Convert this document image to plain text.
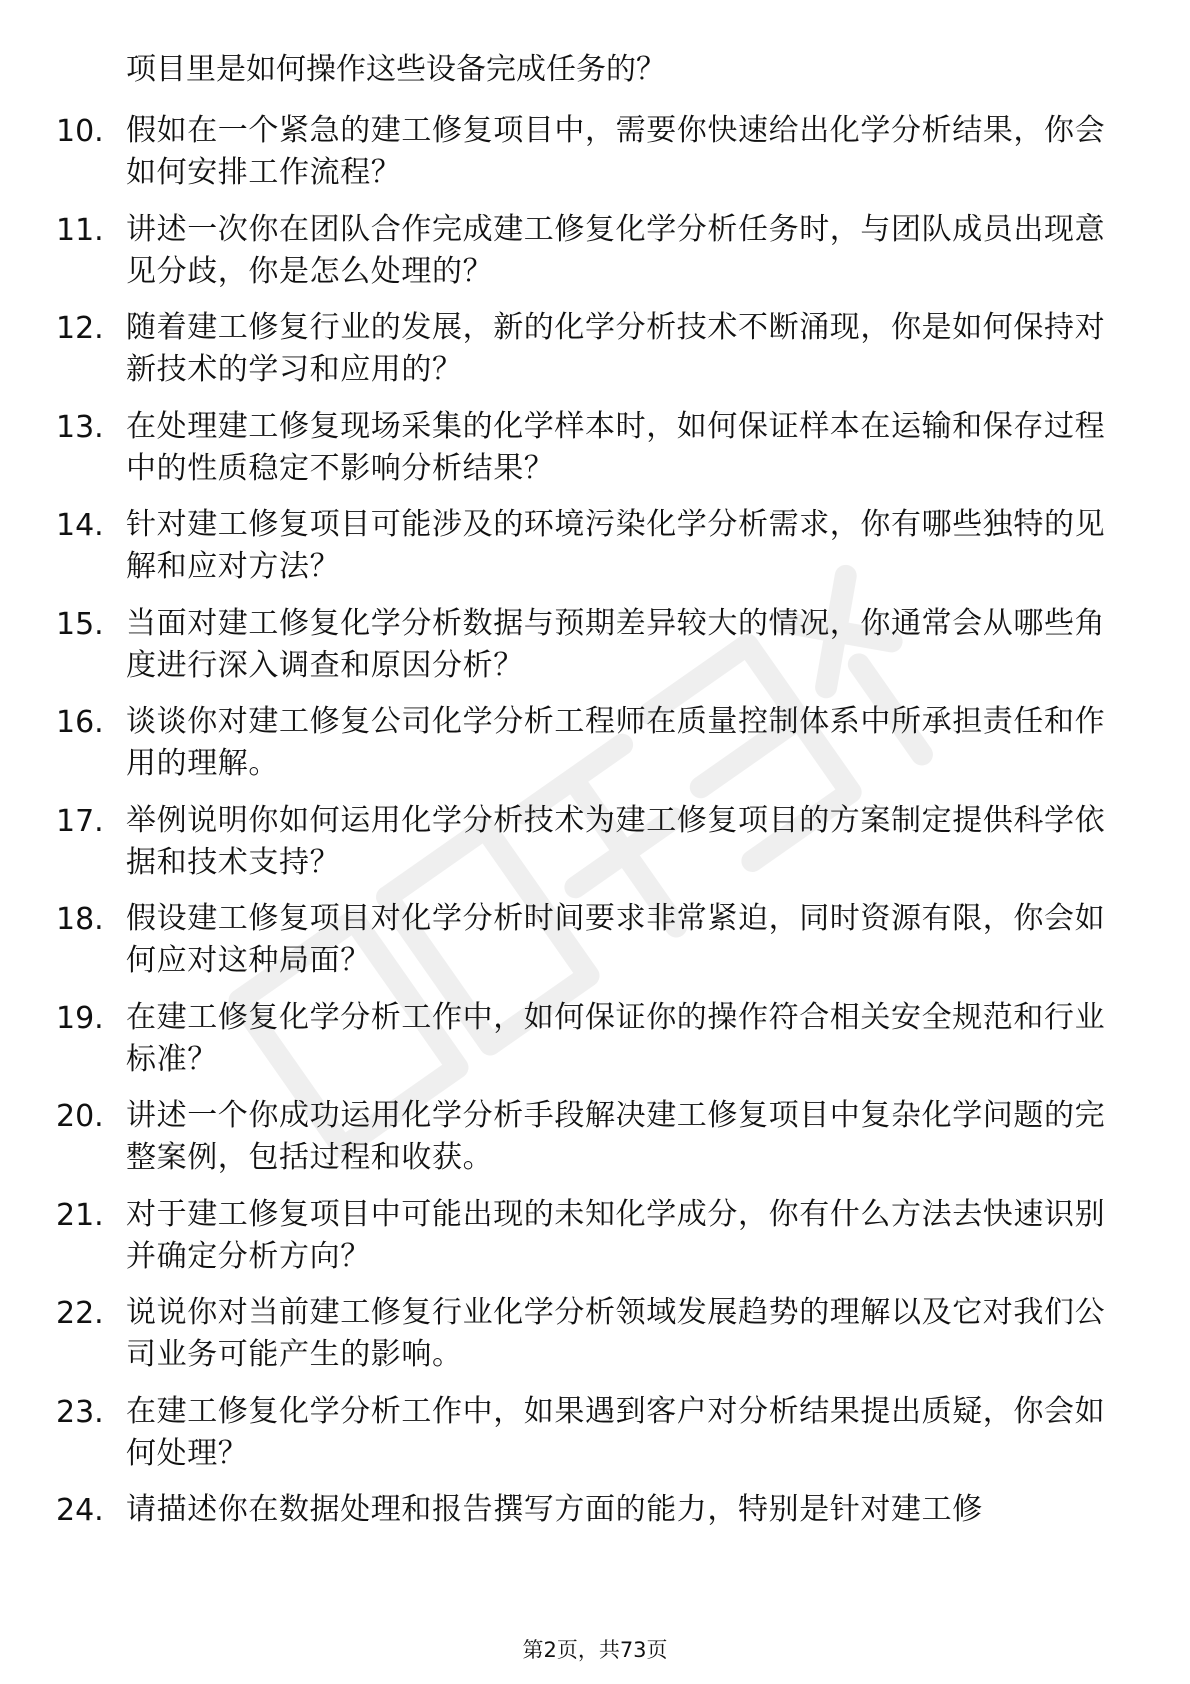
项目里是如何操作这些设备完成任务的？
10. 假如在一个紧急的建工修复项目中，需要你快速给出化学分析结果，你会如何安排工作流程？
11. 讲述一次你在团队合作完成建工修复化学分析任务时，与团队成员出现意见分歧，你是怎么处理的？
12. 随着建工修复行业的发展，新的化学分析技术不断涌现，你是如何保持对新技术的学习和应用的？
13. 在处理建工修复现场采集的化学样本时，如何保证样本在运输和保存过程中的性质稳定不影响分析结果？
14. 针对建工修复项目可能涉及的环境污染化学分析需求，你有哪些独特的见解和应对方法？
15. 当面对建工修复化学分析数据与预期差异较大的情况，你通常会从哪些角度进行深入调查和原因分析？
16. 谈谈你对建工修复公司化学分析工程师在质量控制体系中所承担责任和作用的理解。
17. 举例说明你如何运用化学分析技术为建工修复项目的方案制定提供科学依据和技术支持？
18. 假设建工修复项目对化学分析时间要求非常紧迫，同时资源有限，你会如何应对这种局面？
19. 在建工修复化学分析工作中，如何保证你的操作符合相关安全规范和行业标准？
20. 讲述一个你成功运用化学分析手段解决建工修复项目中复杂化学问题的完整案例，包括过程和收获。
21. 对于建工修复项目中可能出现的未知化学成分，你有什么方法去快速识别并确定分析方向？
22. 说说你对当前建工修复行业化学分析领域发展趋势的理解以及它对我们公司业务可能产生的影响。
23. 在建工修复化学分析工作中，如果遇到客户对分析结果提出质疑，你会如何处理？
24. 请描述你在数据处理和报告撰写方面的能力，特别是针对建工修
第2页，共73页
